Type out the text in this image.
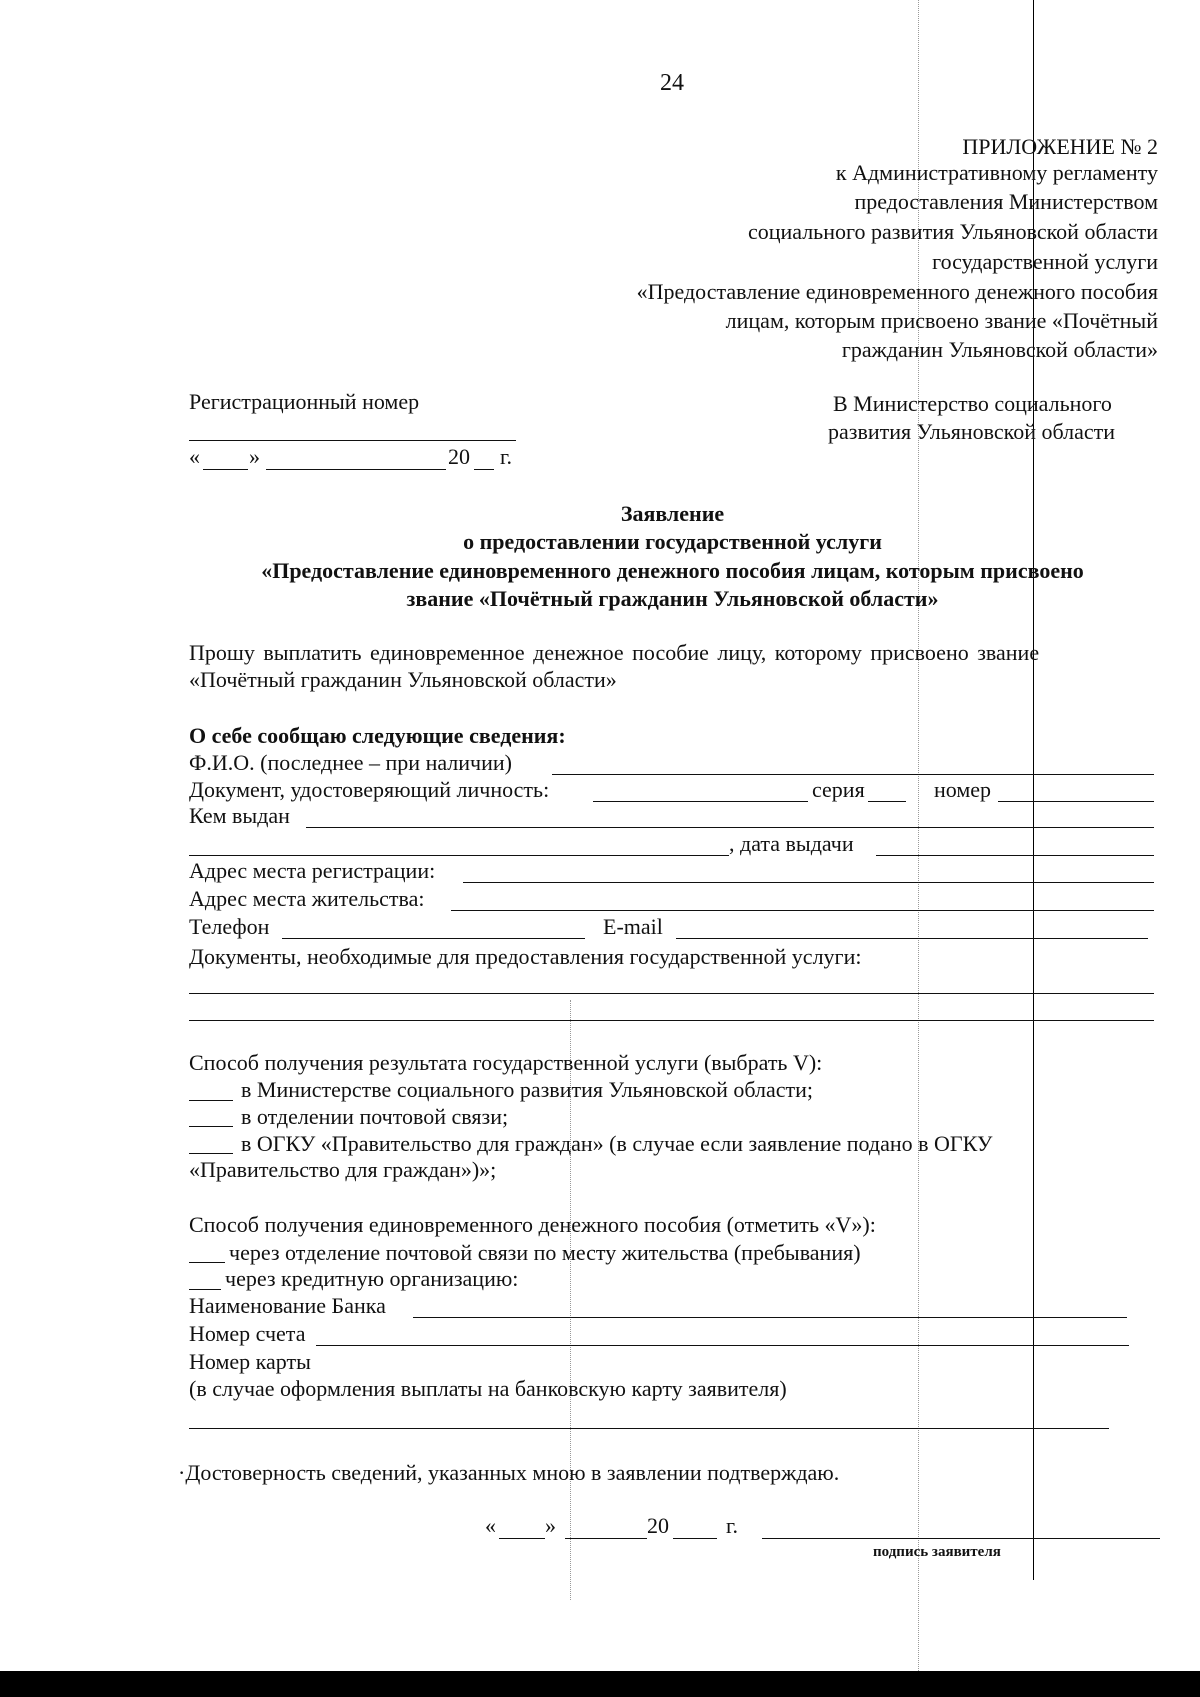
24
ПРИЛОЖЕНИЕ № 2
к Административному регламенту
предоставления Министерством
социального развития Ульяновской области
государственной услуги
«Предоставление единовременного денежного пособия
лицам, которым присвоено звание «Почётный
гражданин Ульяновской области»
Регистрационный номер
« »	20 г.
В Министерство социального
развития Ульяновской области
Заявление
о предоставлении государственной услуги
«Предоставление единовременного денежного пособия лицам, которым присвоено
звание «Почётный гражданин Ульяновской области»
Прошу выплатить единовременное денежное пособие лицу, которому присвоено звание
«Почётный гражданин Ульяновской области»
О себе сообщаю следующие сведения:
Ф.И.О. (последнее – при наличии)
Документ, удостоверяющий личность:	серия	номер
Кем выдан
, дата выдачи
Адрес места регистрации:
Адрес места жительства:
Телефон	E-mail
Документы, необходимые для предоставления государственной услуги:
Способ получения результата государственной услуги (выбрать V):
в Министерстве социального развития Ульяновской области;
в отделении почтовой связи;
в ОГКУ «Правительство для граждан» (в случае если заявление подано в ОГКУ
«Правительство для граждан»)»;
Способ получения единовременного денежного пособия (отметить «V»):
через отделение почтовой связи по месту жительства (пребывания)
через кредитную организацию:
Наименование Банка
Номер счета
Номер карты
(в случае оформления выплаты на банковскую карту заявителя)
·Достоверность сведений, указанных мною в заявлении подтверждаю.
« »	20	г.
подпись заявителя
